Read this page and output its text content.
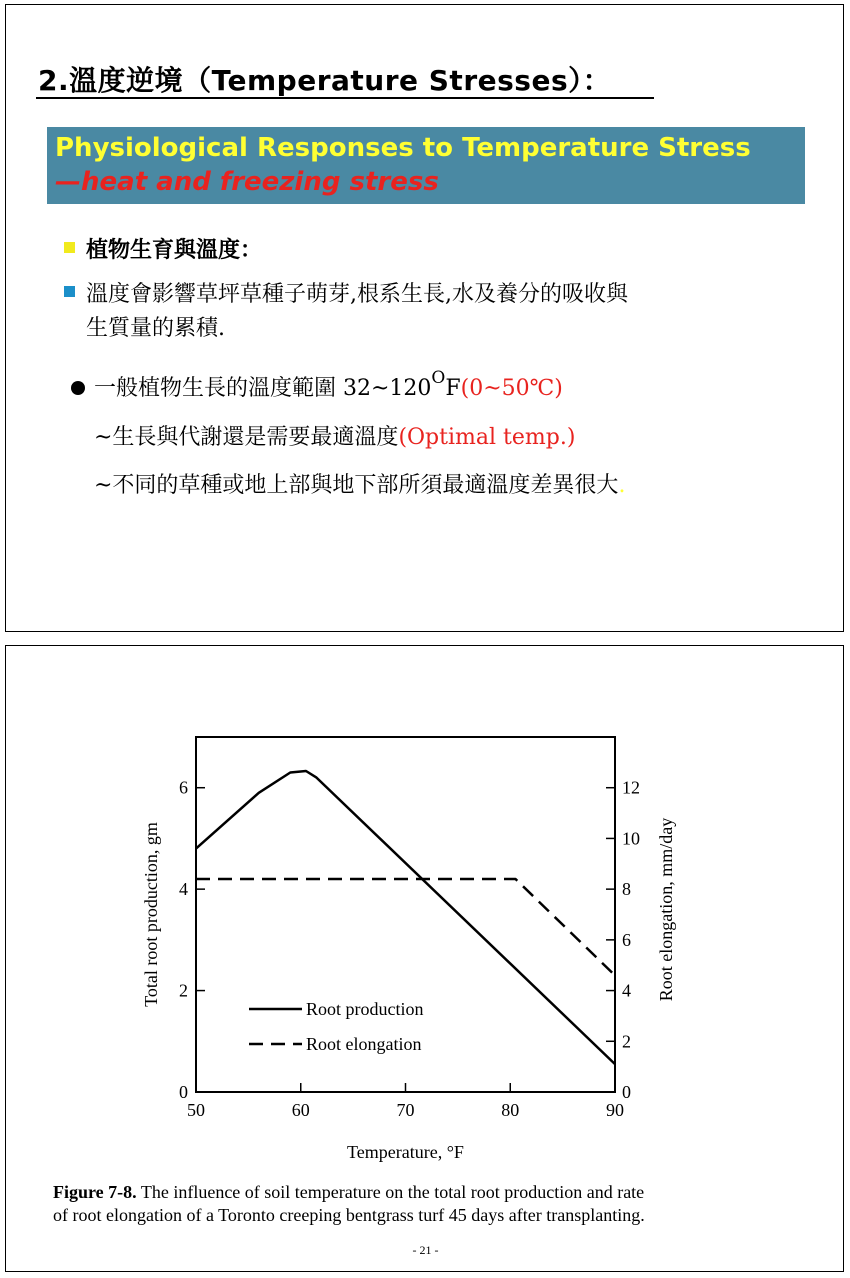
2.溫度逆境（Temperature Stresses）：
Physiological Responses to Temperature Stress
—heat and freezing stress
植物生育與溫度：
溫度會影響草坪草種子萌芽,根系生長,水及養分的吸收與
生質量的累積.
一般植物生長的溫度範圍 $32\sim 120^OF(0\sim 50℃)$
~生長與代謝還是需要最適溫度(Optimal temp.)
~不同的草種或地上部與地下部所須最適溫度差異很大.
50	60	70	80	90
0
2
4
6
0
2
4
6
8
10
12
Temperature, °F
Total root production, gm	Root elongation, mm/day
Root production
Root elongation
Figure 7-8. The influence of soil temperature on the total root production and rate
of root elongation of a Toronto creeping bentgrass turf 45 days after transplanting.
- 21 -
